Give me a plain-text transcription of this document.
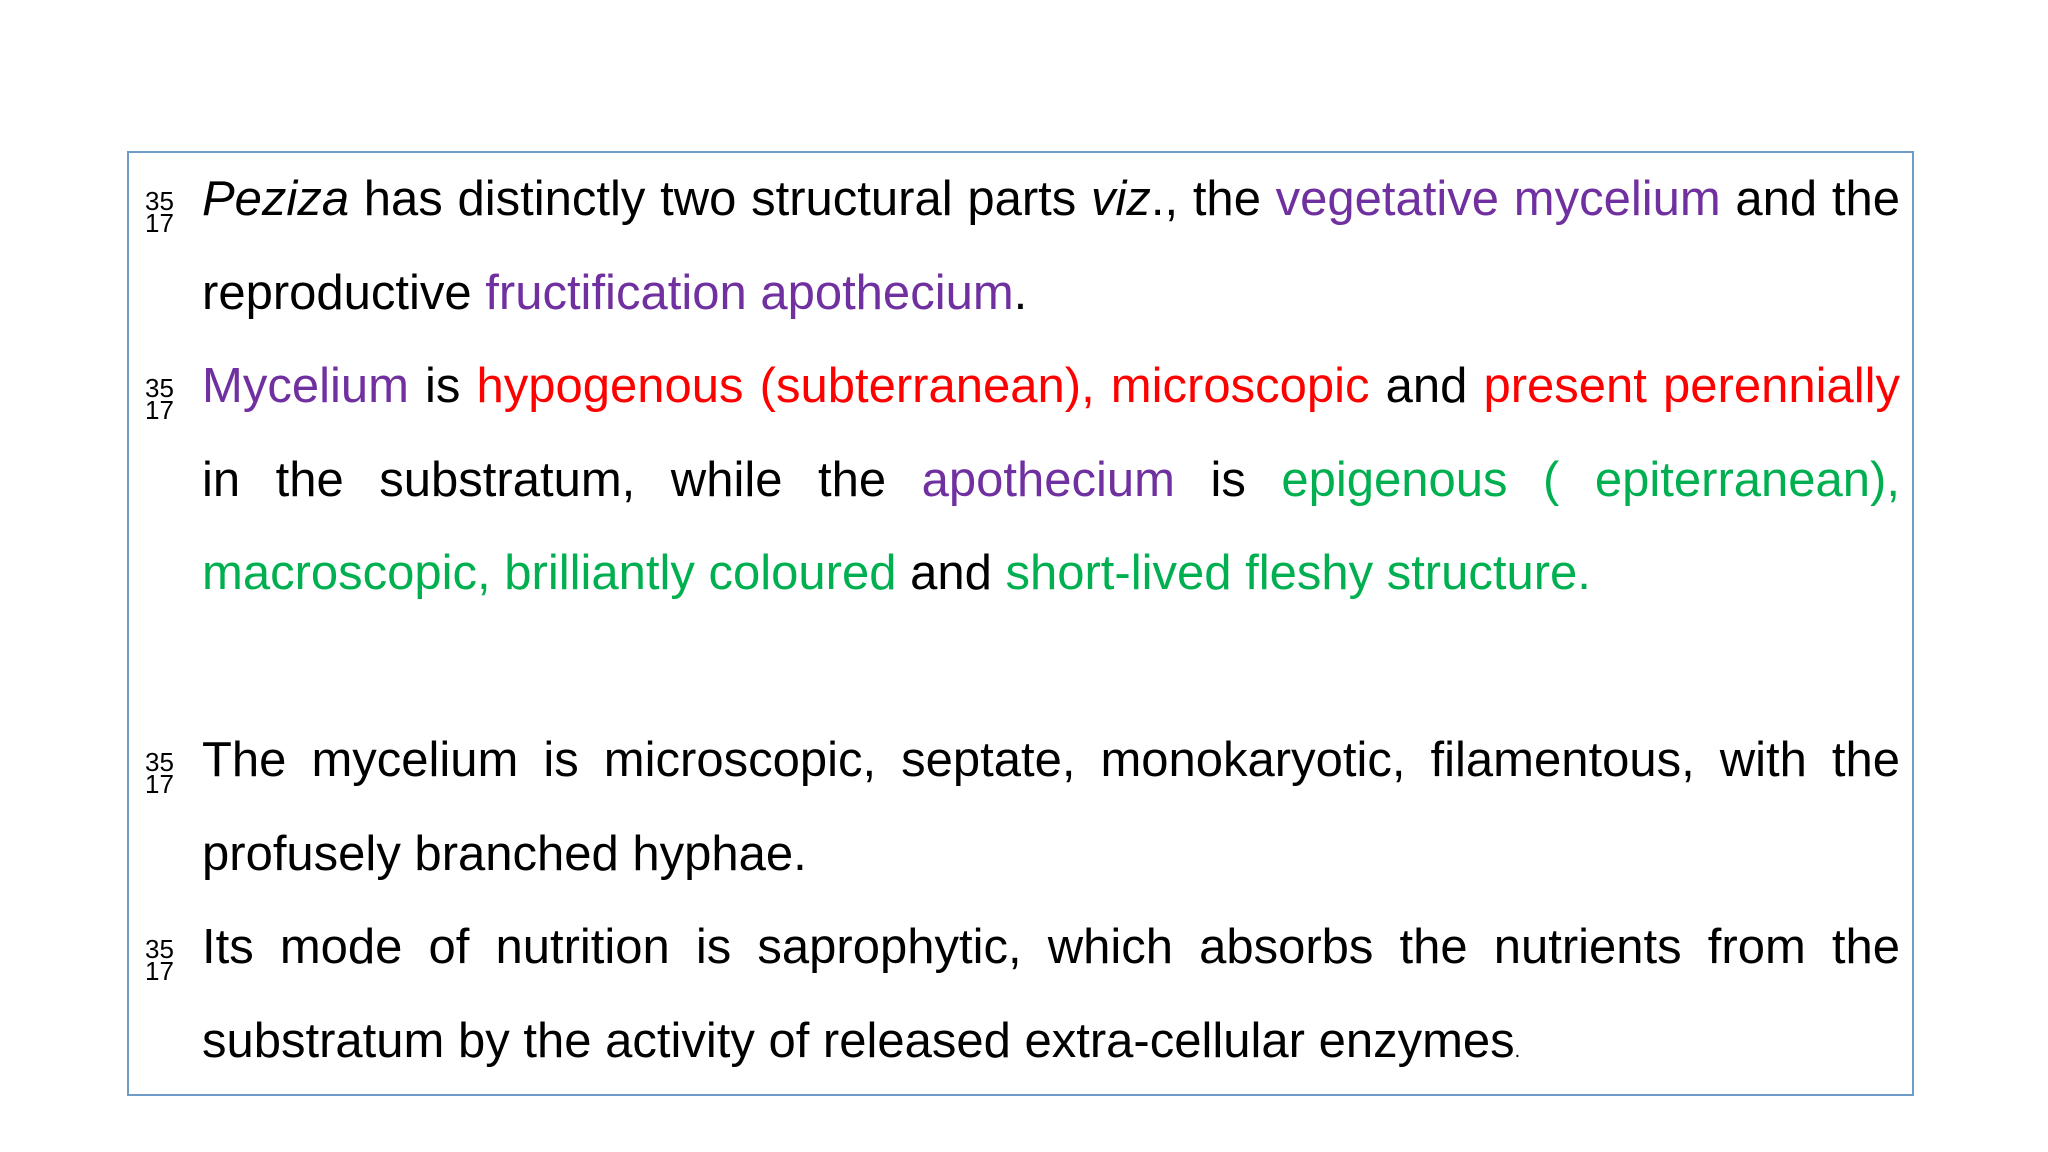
35
17 Peziza has distinctly two structural parts viz., the vegetative mycelium and the reproductive fructification apothecium.

35
17 Mycelium is hypogenous (subterranean), microscopic and present perennially in the substratum, while the apothecium is epigenous ( epiterranean), macroscopic, brilliantly coloured and short-lived fleshy structure.

35
17 The mycelium is microscopic, septate, monokaryotic, filamentous, with the profusely branched hyphae.

35
17 Its mode of nutrition is saprophytic, which absorbs the nutrients from the substratum by the activity of released extra-cellular enzymes.
